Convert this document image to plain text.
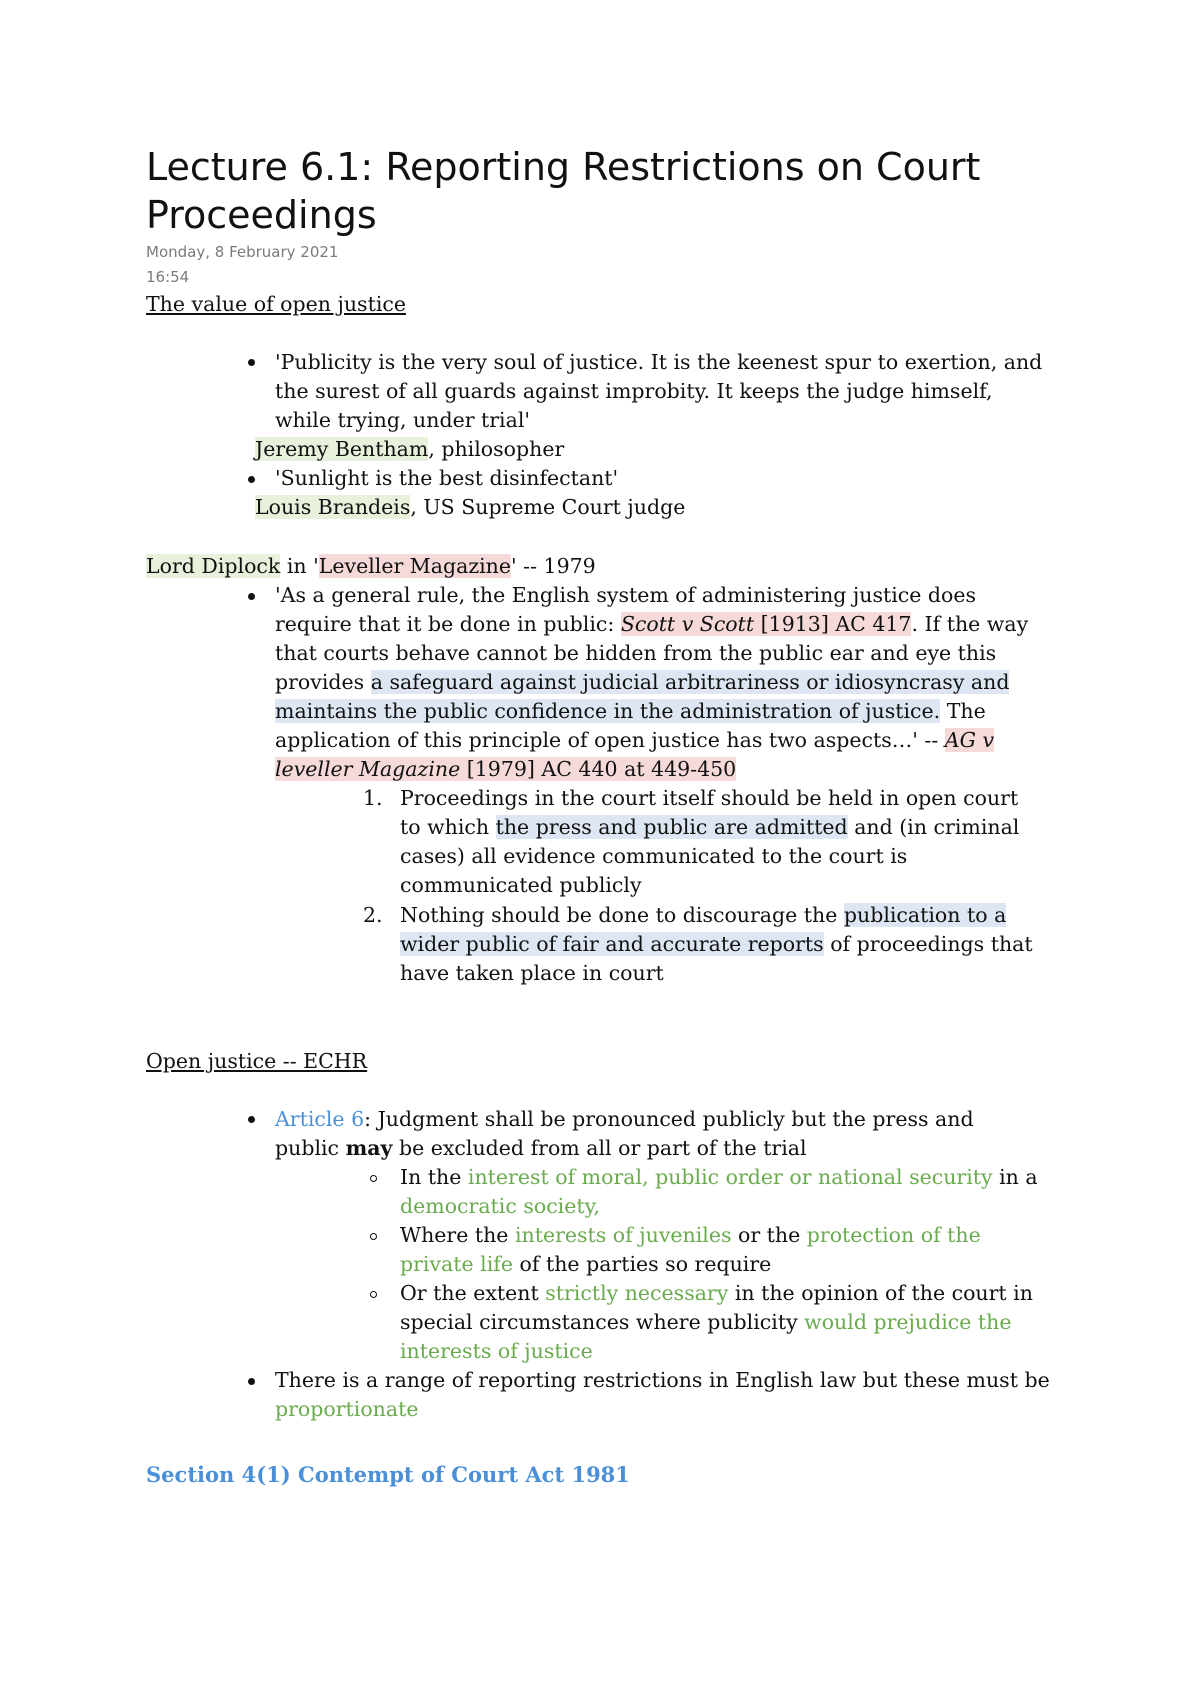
Lecture 6.1: Reporting Restrictions on Court
Proceedings
Monday, 8 February 2021
16:54
The value of open justice
'Publicity is the very soul of justice. It is the keenest spur to exertion, and
the surest of all guards against improbity. It keeps the judge himself,
while trying, under trial'
Jeremy Bentham, philosopher
'Sunlight is the best disinfectant'
Louis Brandeis, US Supreme Court judge
Lord Diplock in 'Leveller Magazine' -- 1979
'As a general rule, the English system of administering justice does
require that it be done in public: Scott v Scott [1913] AC 417. If the way
that courts behave cannot be hidden from the public ear and eye this
provides a safeguard against judicial arbitrariness or idiosyncrasy and
maintains the public confidence in the administration of justice. The
application of this principle of open justice has two aspects…' -- AG v
leveller Magazine [1979] AC 440 at 449-450
1. Proceedings in the court itself should be held in open court
to which the press and public are admitted and (in criminal
cases) all evidence communicated to the court is
communicated publicly
2. Nothing should be done to discourage the publication to a
wider public of fair and accurate reports of proceedings that
have taken place in court
Open justice -- ECHR
Article 6: Judgment shall be pronounced publicly but the press and
public may be excluded from all or part of the trial
In the interest of moral, public order or national security in a
democratic society,
Where the interests of juveniles or the protection of the
private life of the parties so require
Or the extent strictly necessary in the opinion of the court in
special circumstances where publicity would prejudice the
interests of justice
There is a range of reporting restrictions in English law but these must be
proportionate
Section 4(1) Contempt of Court Act 1981
